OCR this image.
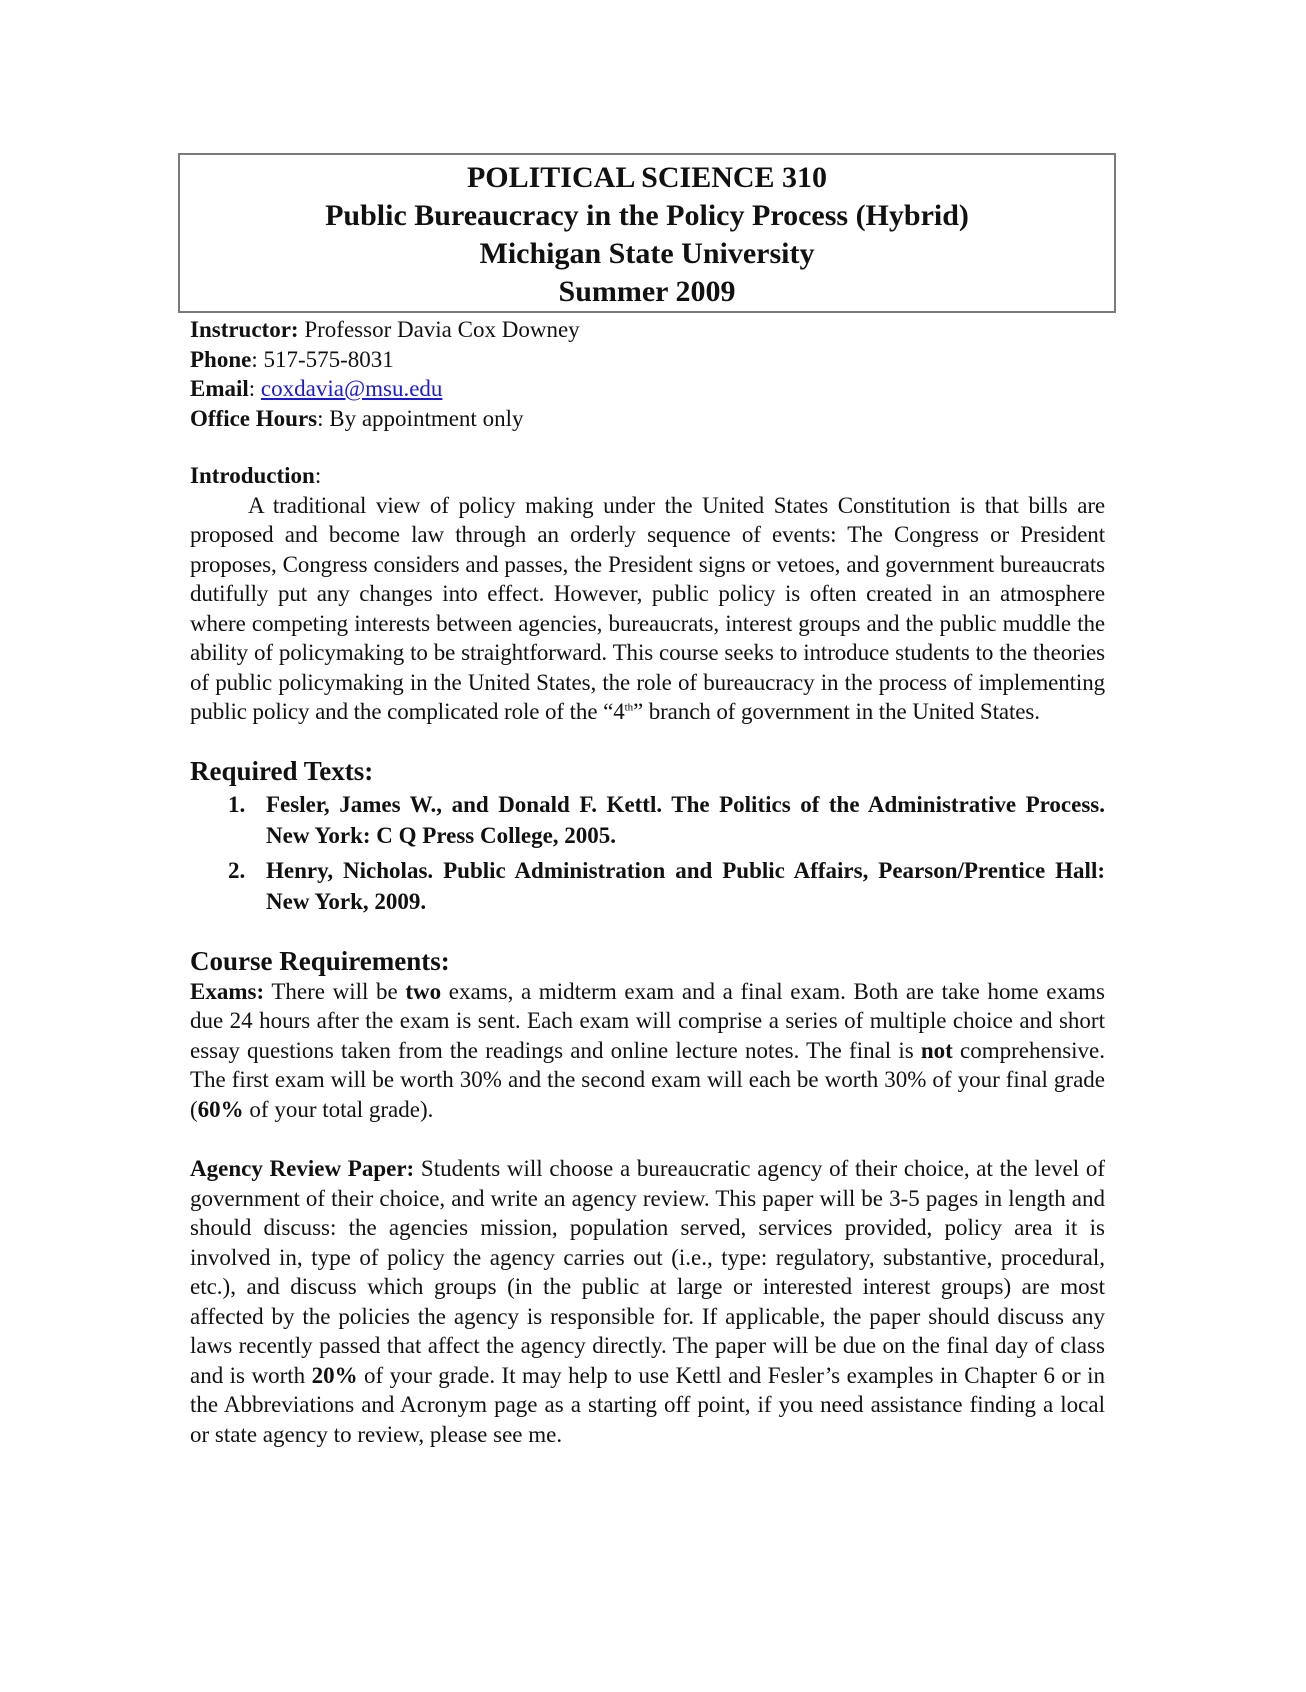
POLITICAL SCIENCE 310
Public Bureaucracy in the Policy Process (Hybrid)
Michigan State University
Summer 2009

Instructor: Professor Davia Cox Downey

Phone: 517-575-8031

Email: coxdavia@msu.edu

Office Hours: By appointment only

Introduction:

A traditional view of policy making under the United States Constitution is that bills are proposed and become law through an orderly sequence of events: The Congress or President proposes, Congress considers and passes, the President signs or vetoes, and government bureaucrats dutifully put any changes into effect. However, public policy is often created in an atmosphere where competing interests between agencies, bureaucrats, interest groups and the public muddle the ability of policymaking to be straightforward. This course seeks to introduce students to the theories of public policymaking in the United States, the role of bureaucracy in the process of implementing public policy and the complicated role of the “4th” branch of government in the United States.

Required Texts:

1. Fesler, James W., and Donald F. Kettl. The Politics of the Administrative Process. New York: C Q Press College, 2005.
2. Henry, Nicholas. Public Administration and Public Affairs, Pearson/Prentice Hall: New York, 2009.

Course Requirements:

Exams: There will be two exams, a midterm exam and a final exam. Both are take home exams due 24 hours after the exam is sent. Each exam will comprise a series of multiple choice and short essay questions taken from the readings and online lecture notes. The final is not comprehensive. The first exam will be worth 30% and the second exam will each be worth 30% of your final grade (60% of your total grade).

Agency Review Paper: Students will choose a bureaucratic agency of their choice, at the level of government of their choice, and write an agency review. This paper will be 3-5 pages in length and should discuss: the agencies mission, population served, services provided, policy area it is involved in, type of policy the agency carries out (i.e., type: regulatory, substantive, procedural, etc.), and discuss which groups (in the public at large or interested interest groups) are most affected by the policies the agency is responsible for. If applicable, the paper should discuss any laws recently passed that affect the agency directly. The paper will be due on the final day of class and is worth 20% of your grade. It may help to use Kettl and Fesler’s examples in Chapter 6 or in the Abbreviations and Acronym page as a starting off point, if you need assistance finding a local or state agency to review, please see me.
